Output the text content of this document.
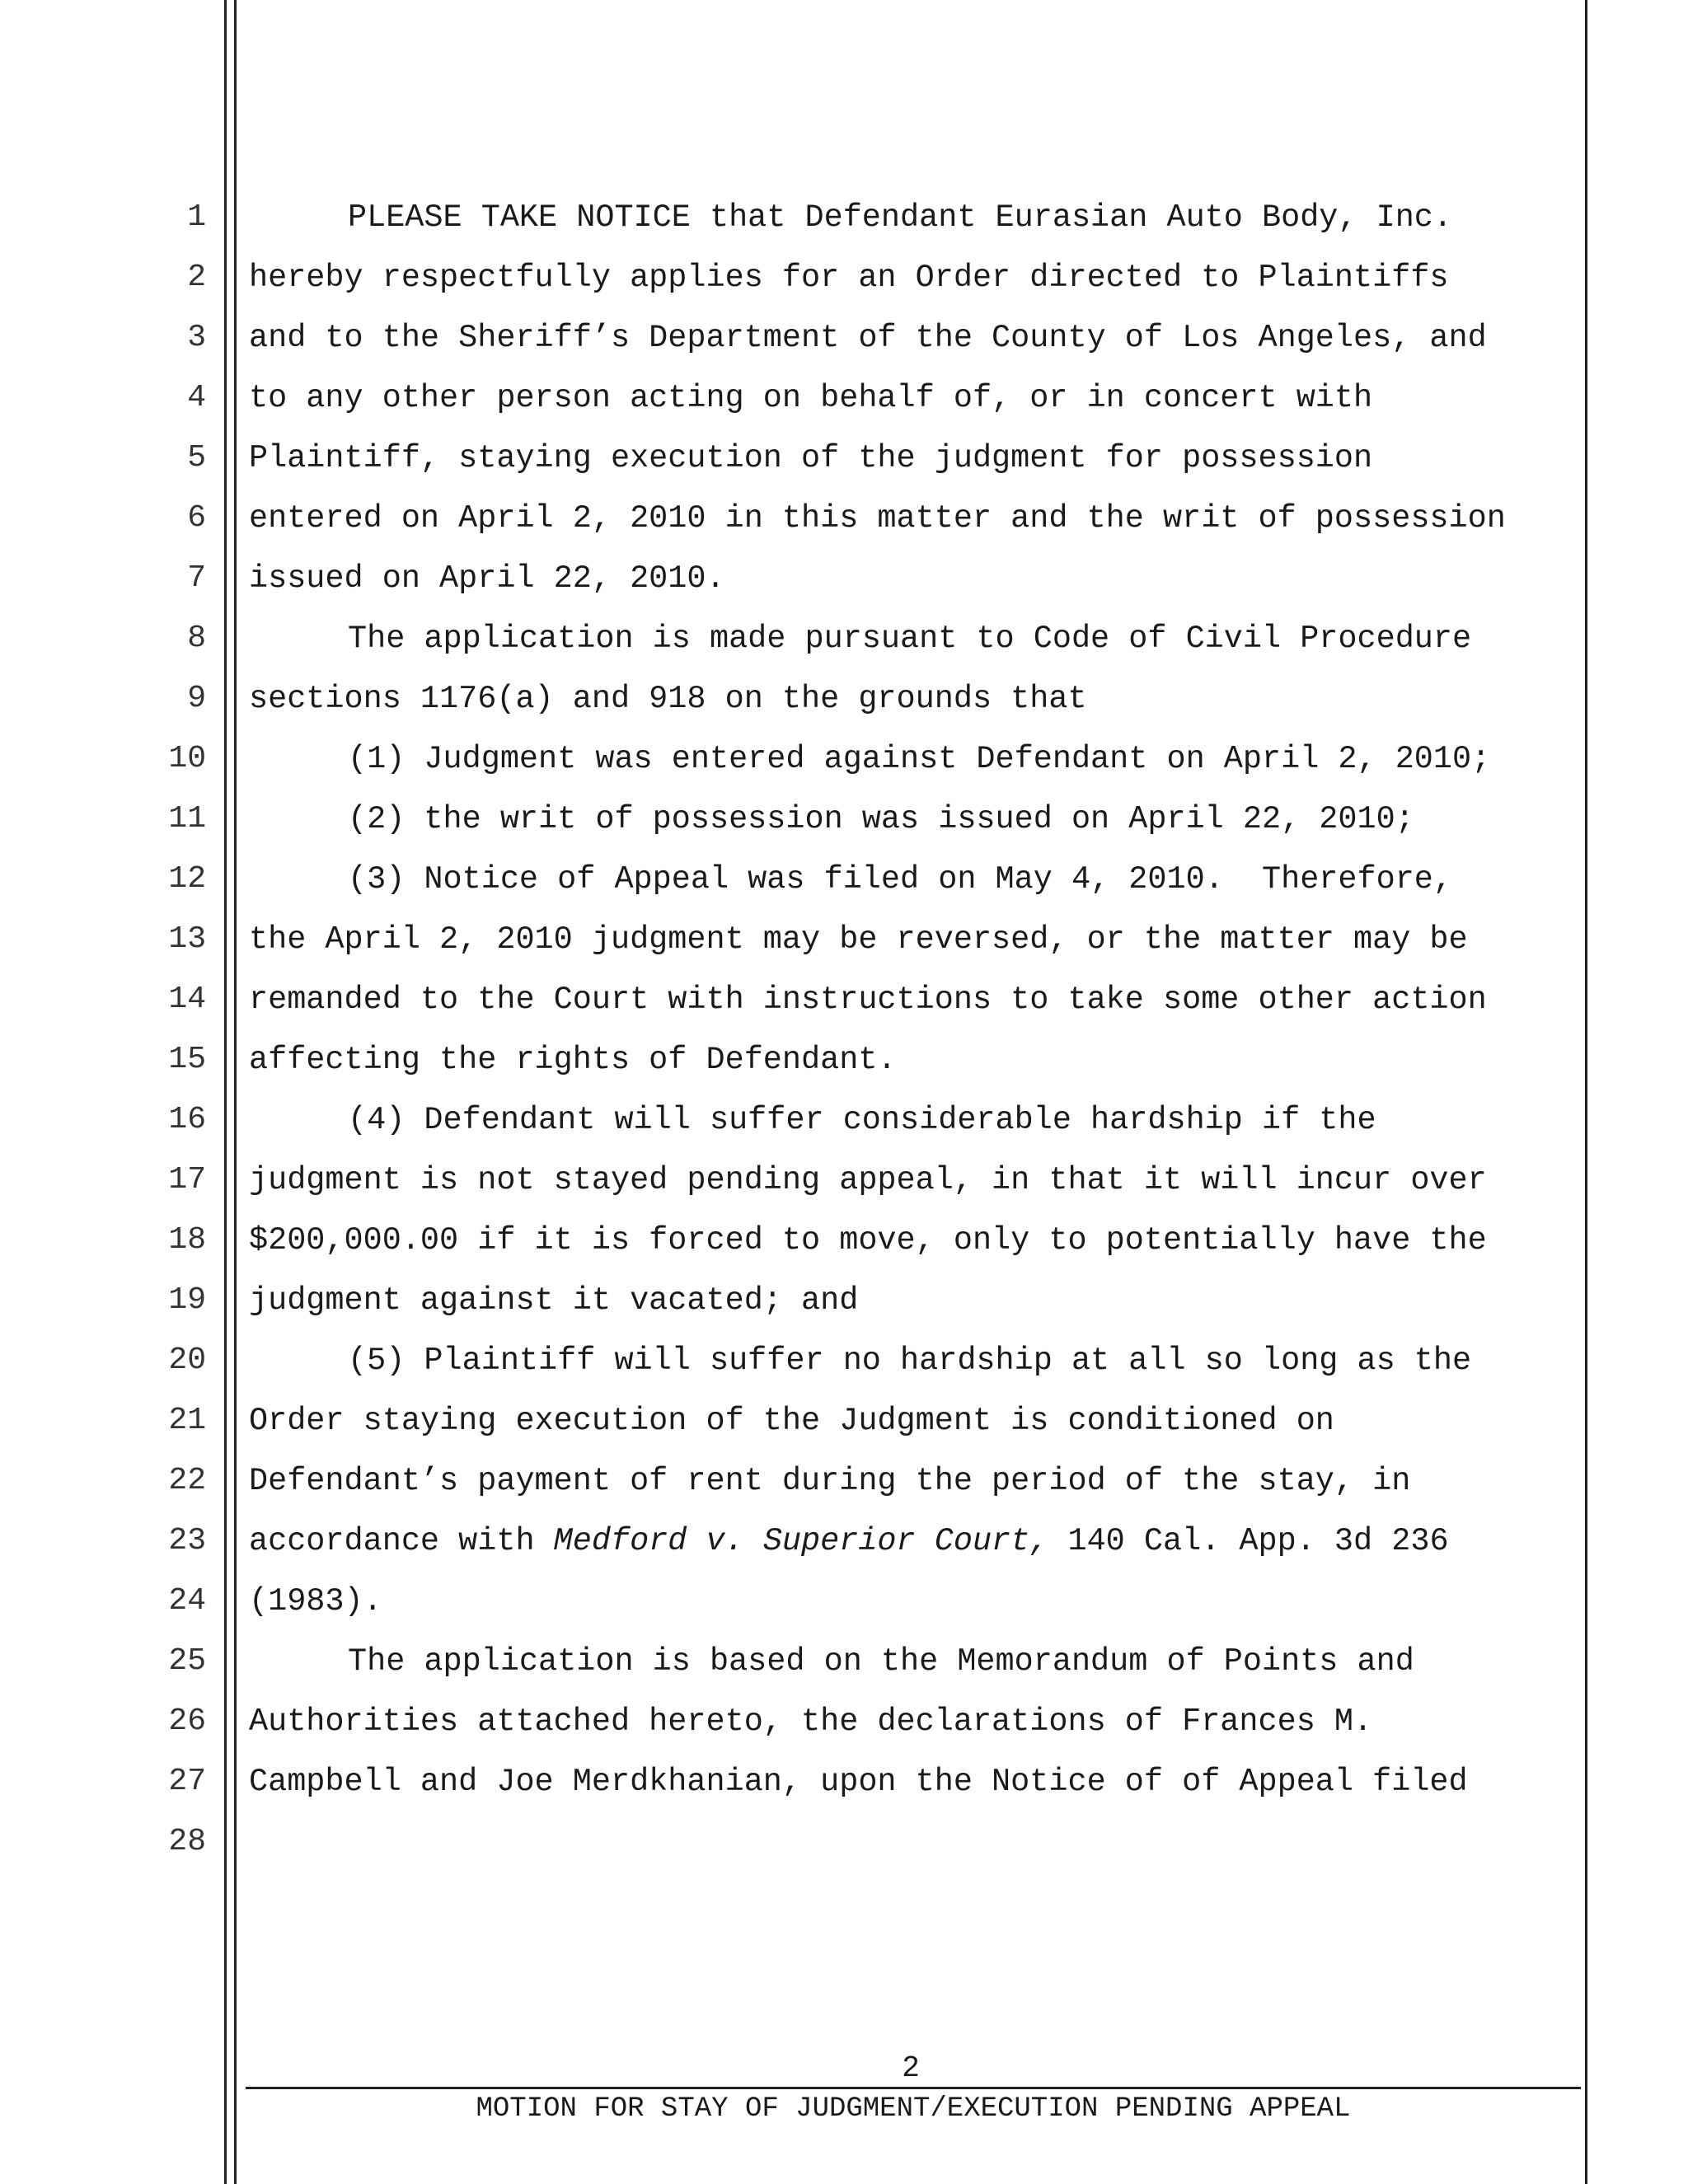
1
2
3
4
5
6
7
8
9
10
11
12
13
14
15
16
17
18
19
20
21
22
23
24
25
26
27
28
PLEASE TAKE NOTICE that Defendant Eurasian Auto Body, Inc.
hereby respectfully applies for an Order directed to Plaintiffs
and to the Sheriff’s Department of the County of Los Angeles, and
to any other person acting on behalf of, or in concert with
Plaintiff, staying execution of the judgment for possession
entered on April 2, 2010 in this matter and the writ of possession
issued on April 22, 2010.
The application is made pursuant to Code of Civil Procedure
sections 1176(a) and 918 on the grounds that
(1) Judgment was entered against Defendant on April 2, 2010;
(2) the writ of possession was issued on April 22, 2010;
(3) Notice of Appeal was filed on May 4, 2010.  Therefore,
the April 2, 2010 judgment may be reversed, or the matter may be
remanded to the Court with instructions to take some other action
affecting the rights of Defendant.
(4) Defendant will suffer considerable hardship if the
judgment is not stayed pending appeal, in that it will incur over
$200,000.00 if it is forced to move, only to potentially have the
judgment against it vacated; and
(5) Plaintiff will suffer no hardship at all so long as the
Order staying execution of the Judgment is conditioned on
Defendant’s payment of rent during the period of the stay, in
accordance with Medford v. Superior Court, 140 Cal. App. 3d 236
(1983).
The application is based on the Memorandum of Points and
Authorities attached hereto, the declarations of Frances M.
Campbell and Joe Merdkhanian, upon the Notice of of Appeal filed
2
MOTION FOR STAY OF JUDGMENT/EXECUTION PENDING APPEAL
